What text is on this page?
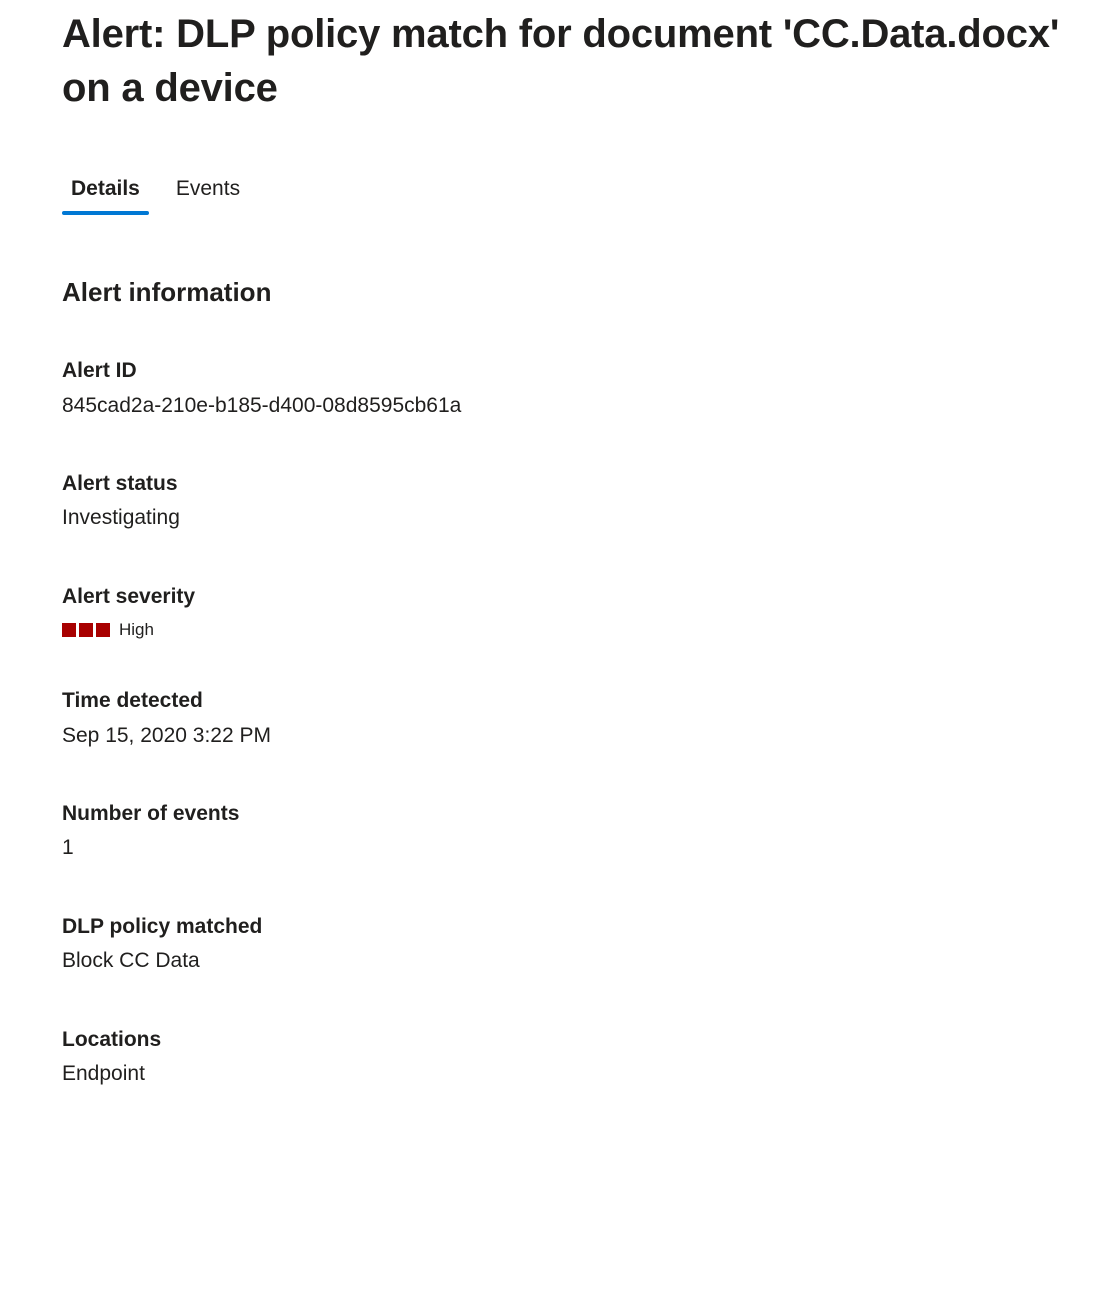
Alert: DLP policy match for document 'CC.Data.docx' on a device
Details	Events
Alert information
Alert ID
845cad2a-210e-b185-d400-08d8595cb61a
Alert status
Investigating
Alert severity
High
Time detected
Sep 15, 2020 3:22 PM
Number of events
1
DLP policy matched
Block CC Data
Locations
Endpoint
